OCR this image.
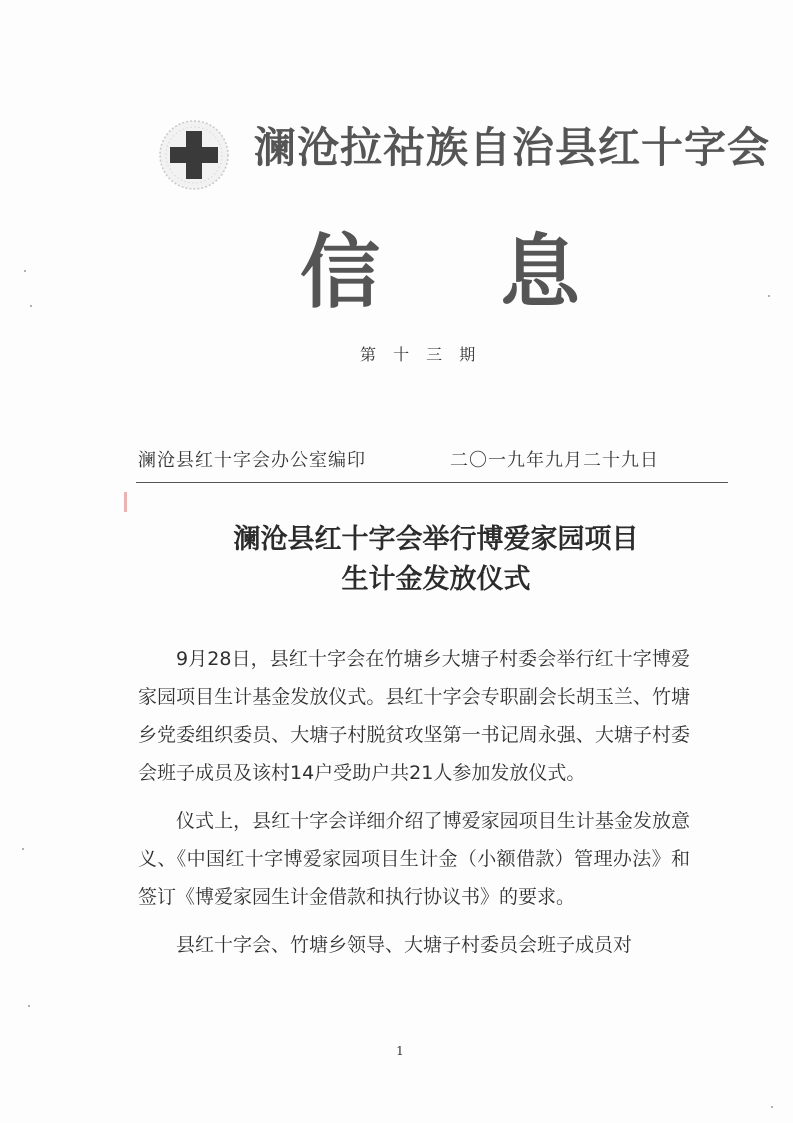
澜沧拉祜族自治县红十字会
信息
第 十 三 期
澜沧县红十字会办公室编印	二〇一九年九月二十九日
澜沧县红十字会举行博爱家园项目
生计金发放仪式

9月28日，县红十字会在竹塘乡大塘子村委会举行红十字博爱家园项目生计基金发放仪式。县红十字会专职副会长胡玉兰、竹塘乡党委组织委员、大塘子村脱贫攻坚第一书记周永强、大塘子村委会班子成员及该村14户受助户共21人参加发放仪式。

仪式上，县红十字会详细介绍了博爱家园项目生计基金发放意义、《中国红十字博爱家园项目生计金（小额借款）管理办法》和签订《博爱家园生计金借款和执行协议书》的要求。

县红十字会、竹塘乡领导、大塘子村委员会班子成员对

1
